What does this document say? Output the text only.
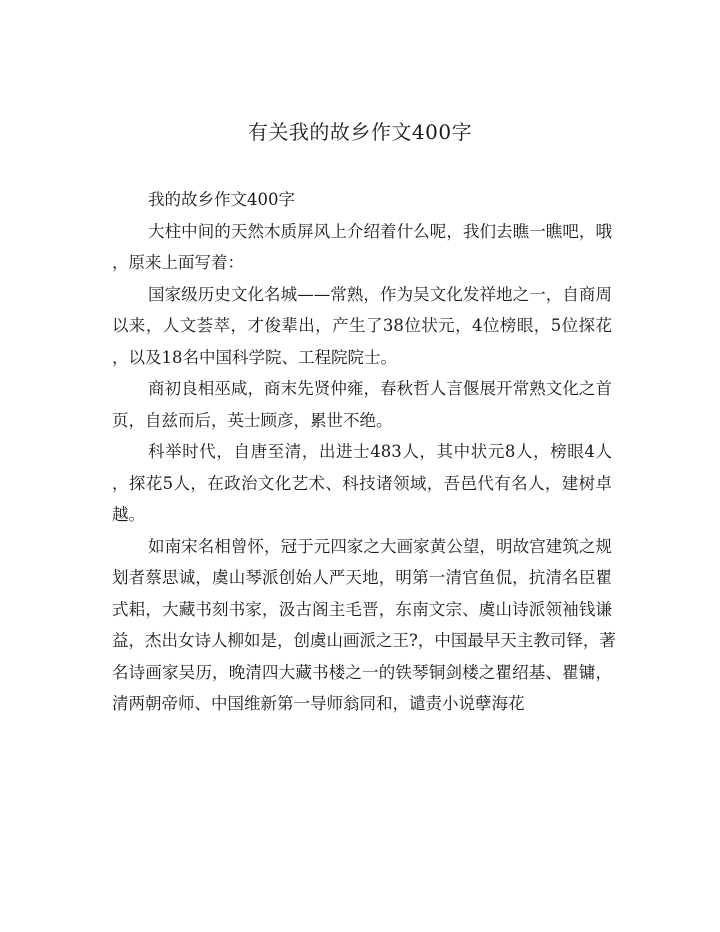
有关我的故乡作文400字
我的故乡作文400字
大柱中间的天然木质屏风上介绍着什么呢，我们去瞧一瞧吧，哦
，原来上面写着：
国家级历史文化名城——常熟，作为吴文化发祥地之一，自商周
以来，人文荟萃，才俊辈出，产生了38位状元，4位榜眼，5位探花
，以及18名中国科学院、工程院院士。
商初良相巫咸，商末先贤仲雍，春秋哲人言偃展开常熟文化之首
页，自兹而后，英士顾彦，累世不绝。
科举时代，自唐至清，出进士483人，其中状元8人，榜眼4人
，探花5人，在政治文化艺术、科技诸领域，吾邑代有名人，建树卓
越。
如南宋名相曾怀，冠于元四家之大画家黄公望，明故宫建筑之规
划者蔡思诚，虞山琴派创始人严天地，明第一清官鱼侃，抗清名臣瞿
式耜，大藏书刻书家，汲古阁主毛晋，东南文宗、虞山诗派领袖钱谦
益，杰出女诗人柳如是，创虞山画派之王?，中国最早天主教司铎，著
名诗画家吴历，晚清四大藏书楼之一的铁琴铜剑楼之瞿绍基、瞿镛，
清两朝帝师、中国维新第一导师翁同和，谴责小说孽海花
